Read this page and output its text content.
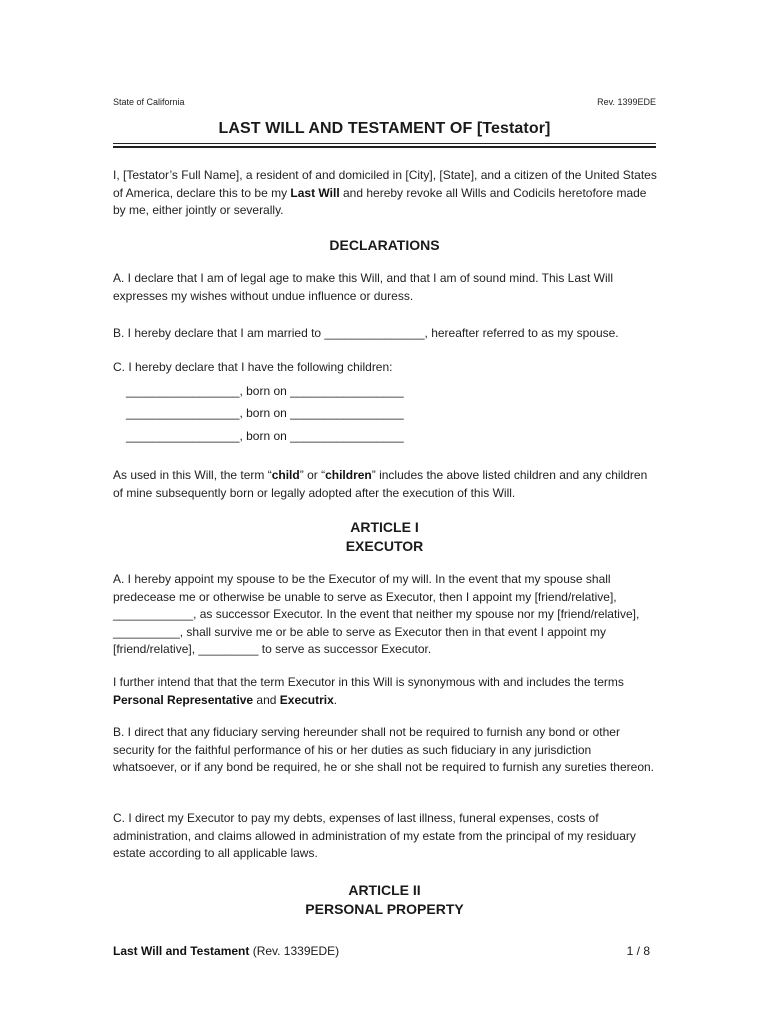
State of California	Rev. 1399EDE
LAST WILL AND TESTAMENT OF [Testator]
I, [Testator’s Full Name], a resident of and domiciled in [City], [State], and a citizen of the United States of America, declare this to be my Last Will and hereby revoke all Wills and Codicils heretofore made by me, either jointly or severally.
DECLARATIONS
A. I declare that I am of legal age to make this Will, and that I am of sound mind. This Last Will expresses my wishes without undue influence or duress.
B. I hereby declare that I am married to _______________, hereafter referred to as my spouse.
C. I hereby declare that I have the following children:
_________________, born on _________________
_________________, born on _________________
_________________, born on _________________
As used in this Will, the term “child” or “children” includes the above listed children and any children of mine subsequently born or legally adopted after the execution of this Will.
ARTICLE I
EXECUTOR
A. I hereby appoint my spouse to be the Executor of my will. In the event that my spouse shall predecease me or otherwise be unable to serve as Executor, then I appoint my [friend/relative], ____________, as successor Executor. In the event that neither my spouse nor my [friend/relative], __________, shall survive me or be able to serve as Executor then in that event I appoint my [friend/relative], _________ to serve as successor Executor.
I further intend that that the term Executor in this Will is synonymous with and includes the terms Personal Representative and Executrix.
B. I direct that any fiduciary serving hereunder shall not be required to furnish any bond or other security for the faithful performance of his or her duties as such fiduciary in any jurisdiction whatsoever, or if any bond be required, he or she shall not be required to furnish any sureties thereon.
C. I direct my Executor to pay my debts, expenses of last illness, funeral expenses, costs of administration, and claims allowed in administration of my estate from the principal of my residuary estate according to all applicable laws.
ARTICLE II
PERSONAL PROPERTY
Last Will and Testament (Rev. 1339EDE)	1 / 8
